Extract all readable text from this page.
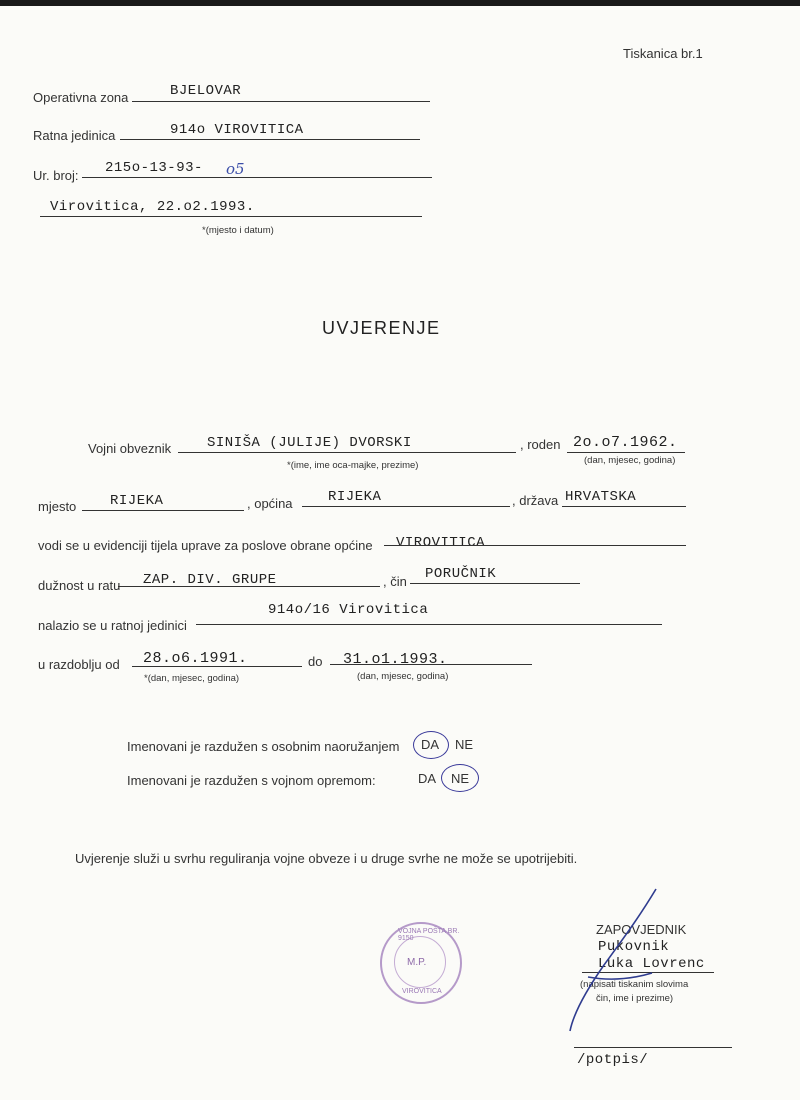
Tiskanica br.1
Operativna zona	BJELOVAR
Ratna jedinica	914o VIROVITICA
Ur. broj: 215o-13-93- o5
Virovitica, 22.o2.1993.
*(mjesto i datum)
UVJERENJE
Vojni obveznik	SINIŠA (JULIJE) DVORSKI	, roden 2o.o7.1962.
*(ime, ime oca-majke, prezime)	(dan, mjesec, godina)
mjesto RIJEKA	, općina	RIJEKA	, država HRVATSKA
vodi se u evidenciji tijela uprave za poslove obrane općine VIROVITICA
dužnost u ratu ZAP. DIV. GRUPE	, čin PORUČNIK
nalazio se u ratnoj jedinici
914o/16 Virovitica
u razdoblju od 28.o6.1991.	do 31.o1.1993.
*(dan, mjesec, godina)	(dan, mjesec, godina)
Imenovani je razdužen s osobnim naoružanjem DA NE
Imenovani je razdužen s vojnom opremom:	DA NE
Uvjerenje služi u svrhu reguliranja vojne obveze i u druge svrhe ne može se upotrijebiti.
VOJNA POŠTA BR. 9150
M.P.
VIROVITICA
ZAPOVJEDNIK
Pukovnik
Luka Lovrenc
(napisati tiskanim slovima
čin, ime i prezime)
/potpis/
